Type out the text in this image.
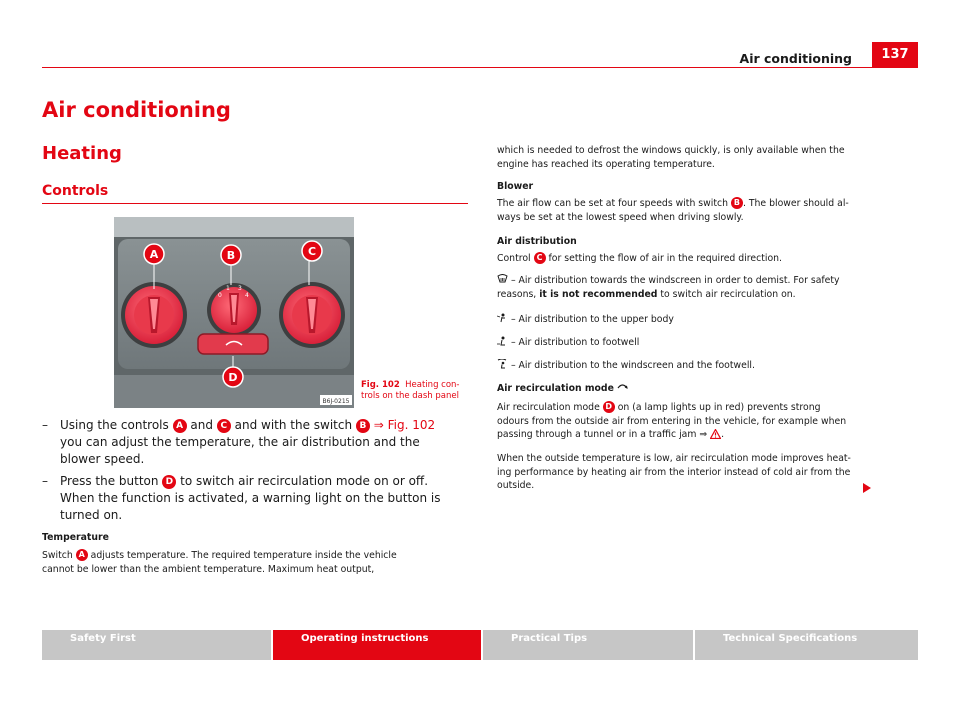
Air conditioning	137
Air conditioning
Heating
Controls
0
1 3
4
A	B	C
D
B6J-0215
Fig. 102 Heating con-
trols on the dash panel
– Using the controls A and C and with the switch B ⇒ Fig. 102
you can adjust the temperature, the air distribution and the
blower speed.
– Press the button D to switch air recirculation mode on or off.
When the function is activated, a warning light on the button is
turned on.
Temperature
Switch A adjusts temperature. The required temperature inside the vehicle
cannot be lower than the ambient temperature. Maximum heat output,
which is needed to defrost the windows quickly, is only available when the
engine has reached its operating temperature.
Blower
The air flow can be set at four speeds with switch B . The blower should al-
ways be set at the lowest speed when driving slowly.
Air distribution
Control C for setting the flow of air in the required direction.
– Air distribution towards the windscreen in order to demist. For safety
reasons, it is not recommended to switch air recirculation on.
– Air distribution to the upper body
– Air distribution to footwell
– Air distribution to the windscreen and the footwell.
Air recirculation mode
Air recirculation mode D on (a lamp lights up in red) prevents strong
odours from the outside air from entering in the vehicle, for example when
passing through a tunnel or in a traffic jam ⇒ .
When the outside temperature is low, air recirculation mode improves heat-
ing performance by heating air from the interior instead of cold air from the
outside.
Safety First	Operating instructions	Practical Tips	Technical Specifications
